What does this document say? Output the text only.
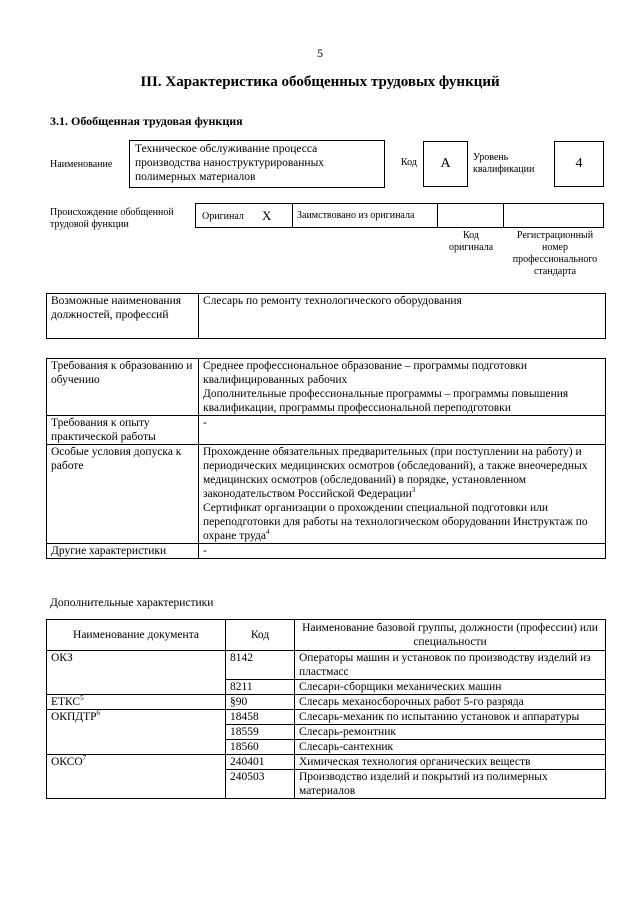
5
III. Характеристика обобщенных трудовых функций
3.1. Обобщенная трудовая функция
Наименование
Техническое обслуживание процесса производства наноструктурированных полимерных материалов
Код	A	Уровень квалификации	4
Происхождение обобщенной трудовой функции
Оригинал X	Заимствовано из оригинала
Код оригинала
Регистрационный номер профессионального стандарта
Возможные наименования должностей, профессий	Слесарь по ремонту технологического оборудования
Требования к образованию и обучению	Среднее профессиональное образование – программы подготовки квалифицированных рабочих
Дополнительные профессиональные программы – программы повышения квалификации, программы профессиональной переподготовки

Требования к опыту практической работы	-
Особые условия допуска к работе	Прохождение обязательных предварительных (при поступлении на работу) и периодических медицинских осмотров (обследований), а также внеочередных медицинских осмотров (обследований) в порядке, установленном законодательством Российской Федерации$^3$
Сертификат организации о прохождении специальной подготовки или переподготовки для работы на технологическом оборудовании Инструктаж по охране труда$^4$
Другие характеристики	-
Дополнительные характеристики
Наименование документа	Код	Наименование базовой группы, должности (профессии) или специальности
ОКЗ	8142	Операторы машин и установок по производству изделий из пластмасс
	8211	Слесари-сборщики механических машин
ЕТКС$^5$	§90	Слесарь механосборочных работ 5-го разряда
ОКПДТР$^6$	18458	Слесарь-механик по испытанию установок и аппаратуры
	18559	Слесарь-ремонтник
	18560	Слесарь-сантехник
ОКСО$^7$	240401	Химическая технология органических веществ
	240503	Производство изделий и покрытий из полимерных материалов
